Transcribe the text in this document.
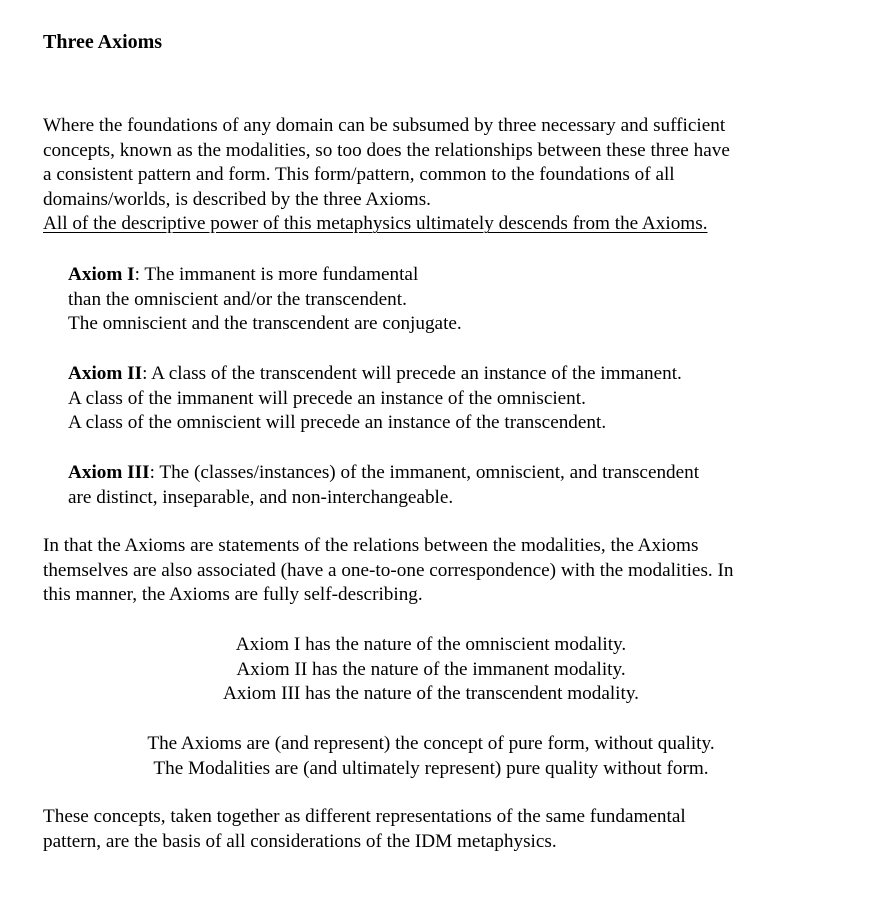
Three Axioms

Where the foundations of any domain can be subsumed by three necessary and sufficient
concepts, known as the modalities, so too does the relationships between these three have
a consistent pattern and form. This form/pattern, common to the foundations of all
domains/worlds, is described by the three Axioms.
All of the descriptive power of this metaphysics ultimately descends from the Axioms.

Axiom I: The immanent is more fundamental
than the omniscient and/or the transcendent.
The omniscient and the transcendent are conjugate.

Axiom II: A class of the transcendent will precede an instance of the immanent.
A class of the immanent will precede an instance of the omniscient.
A class of the omniscient will precede an instance of the transcendent.

Axiom III: The (classes/instances) of the immanent, omniscient, and transcendent
are distinct, inseparable, and non-interchangeable.

In that the Axioms are statements of the relations between the modalities, the Axioms
themselves are also associated (have a one-to-one correspondence) with the modalities. In
this manner, the Axioms are fully self-describing.

Axiom I has the nature of the omniscient modality.
Axiom II has the nature of the immanent modality.
Axiom III has the nature of the transcendent modality.

The Axioms are (and represent) the concept of pure form, without quality.
The Modalities are (and ultimately represent) pure quality without form.

These concepts, taken together as different representations of the same fundamental
pattern, are the basis of all considerations of the IDM metaphysics.
